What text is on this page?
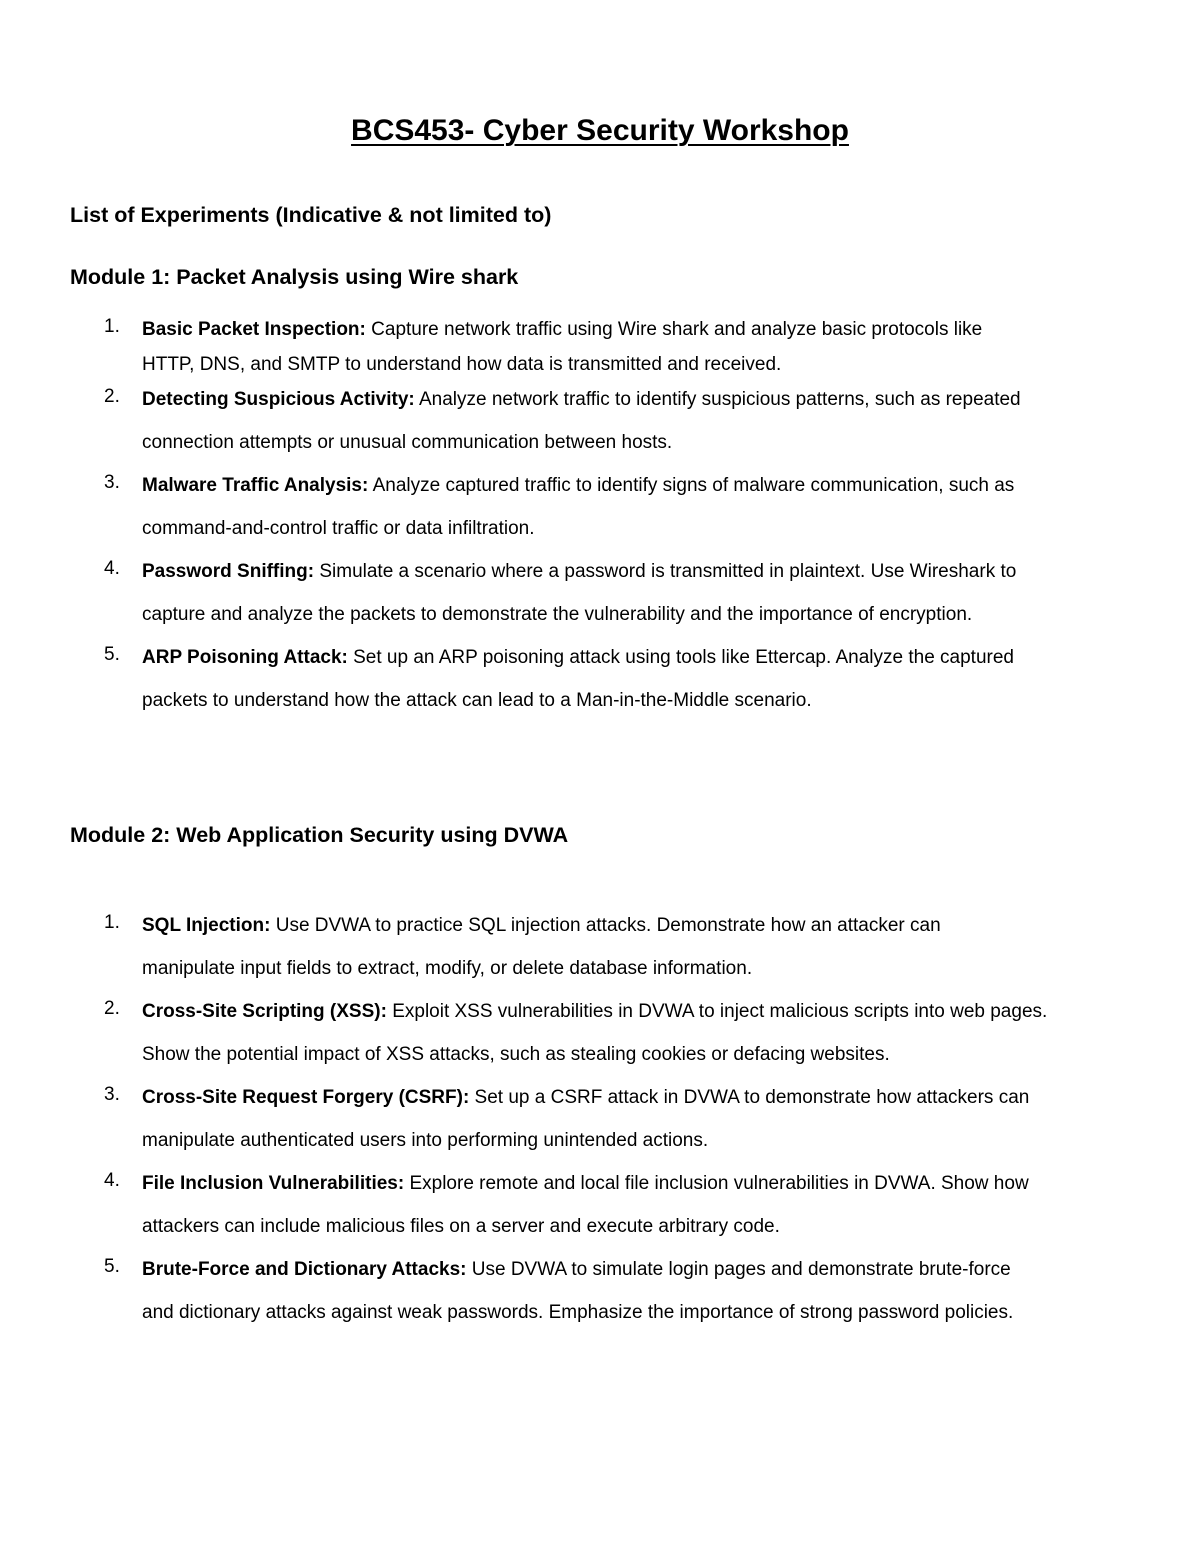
BCS453- Cyber Security Workshop
List of Experiments (Indicative & not limited to)
Module 1: Packet Analysis using Wire shark
1. Basic Packet Inspection: Capture network traffic using Wire shark and analyze basic protocols like
HTTP, DNS, and SMTP to understand how data is transmitted and received.
2. Detecting Suspicious Activity: Analyze network traffic to identify suspicious patterns, such as repeated
connection attempts or unusual communication between hosts.
3. Malware Traffic Analysis: Analyze captured traffic to identify signs of malware communication, such as
command-and-control traffic or data infiltration.
4. Password Sniffing: Simulate a scenario where a password is transmitted in plaintext. Use Wireshark to
capture and analyze the packets to demonstrate the vulnerability and the importance of encryption.
5. ARP Poisoning Attack: Set up an ARP poisoning attack using tools like Ettercap. Analyze the captured
packets to understand how the attack can lead to a Man-in-the-Middle scenario.
Module 2: Web Application Security using DVWA
1. SQL Injection: Use DVWA to practice SQL injection attacks. Demonstrate how an attacker can
manipulate input fields to extract, modify, or delete database information.
2. Cross-Site Scripting (XSS): Exploit XSS vulnerabilities in DVWA to inject malicious scripts into web pages.
Show the potential impact of XSS attacks, such as stealing cookies or defacing websites.
3. Cross-Site Request Forgery (CSRF): Set up a CSRF attack in DVWA to demonstrate how attackers can
manipulate authenticated users into performing unintended actions.
4. File Inclusion Vulnerabilities: Explore remote and local file inclusion vulnerabilities in DVWA. Show how
attackers can include malicious files on a server and execute arbitrary code.
5. Brute-Force and Dictionary Attacks: Use DVWA to simulate login pages and demonstrate brute-force
and dictionary attacks against weak passwords. Emphasize the importance of strong password policies.
